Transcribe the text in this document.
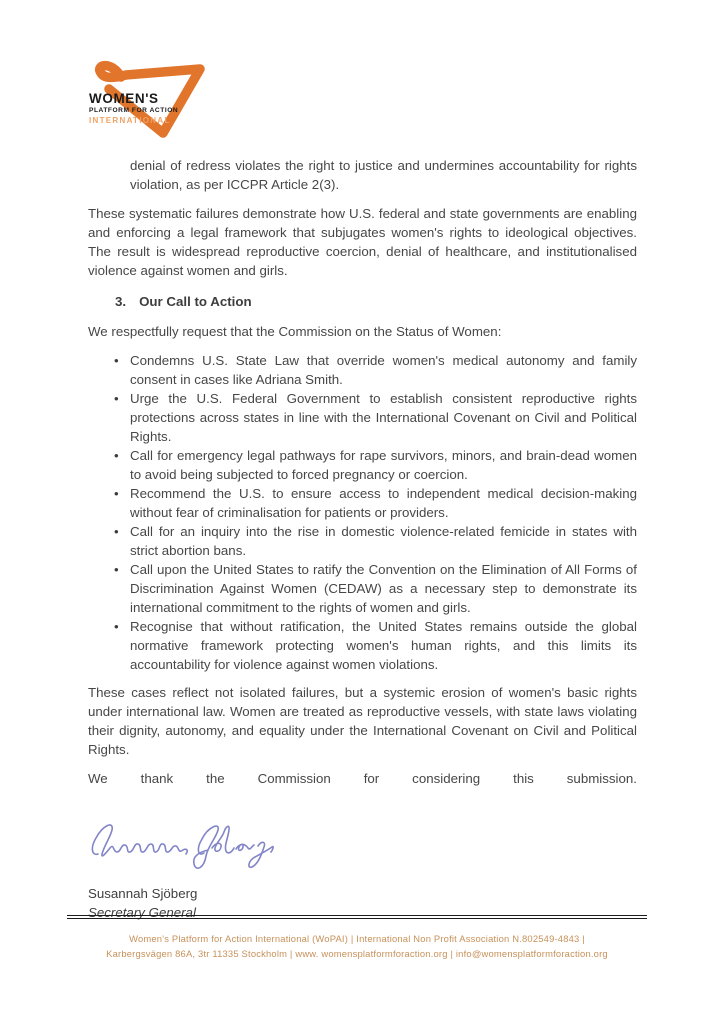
WOMEN'S
PLATFORM FOR ACTION
INTERNATIONAL

denial of redress violates the right to justice and undermines accountability for rights violation, as per ICCPR Article 2(3).

These systematic failures demonstrate how U.S. federal and state governments are enabling and enforcing a legal framework that subjugates women's rights to ideological objectives. The result is widespread reproductive coercion, denial of healthcare, and institutionalised violence against women and girls.

3. Our Call to Action

We respectfully request that the Commission on the Status of Women:

• Condemns U.S. State Law that override women's medical autonomy and family consent in cases like Adriana Smith.
• Urge the U.S. Federal Government to establish consistent reproductive rights protections across states in line with the International Covenant on Civil and Political Rights.
• Call for emergency legal pathways for rape survivors, minors, and brain-dead women to avoid being subjected to forced pregnancy or coercion.
• Recommend the U.S. to ensure access to independent medical decision-making without fear of criminalisation for patients or providers.
• Call for an inquiry into the rise in domestic violence-related femicide in states with strict abortion bans.
• Call upon the United States to ratify the Convention on the Elimination of All Forms of Discrimination Against Women (CEDAW) as a necessary step to demonstrate its international commitment to the rights of women and girls.
• Recognise that without ratification, the United States remains outside the global normative framework protecting women's human rights, and this limits its accountability for violence against women violations.

These cases reflect not isolated failures, but a systemic erosion of women's basic rights under international law. Women are treated as reproductive vessels, with state laws violating their dignity, autonomy, and equality under the International Covenant on Civil and Political Rights.

We thank the Commission for considering this submission.

Susannah Sjöberg
Secretary General
Women's Platform for Action International (WoPAI) | International Non Profit Association N.802549-4843 |
Karbergsvägen 86A, 3tr 11335 Stockholm | www. womensplatformforaction.org | info@womensplatformforaction.org
